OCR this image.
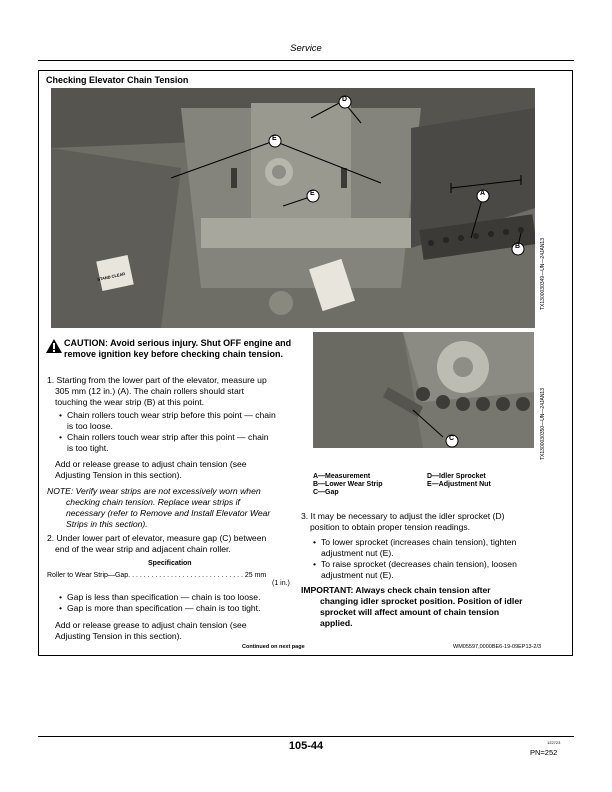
Service
Checking Elevator Chain Tension
D
E
E	A
B
STAND CLEAR	TX1300030349—UN—24JAN13
C	TX1300030350—UN—24JAN13
A—Measurement
B—Lower Wear Strip
C—Gap
D—Idler Sprocket
E—Adjustment Nut
CAUTION: Avoid serious injury. Shut OFF engine and remove ignition key before checking chain tension.
1. Starting from the lower part of the elevator, measure up
305 mm (12 in.) (A). The chain rollers should start
touching the wear strip (B) at this point.
• Chain rollers touch wear strip before this point — chain
is too loose.
• Chain rollers touch wear strip after this point — chain
is too tight.
Add or release grease to adjust chain tension (see
Adjusting Tension in this section).
NOTE: Verify wear strips are not excessively worn when
checking chain tension. Replace wear strips if
necessary (refer to Remove and Install Elevator Wear
Strips in this section).
2. Under lower part of elevator, measure gap (C) between
end of the wear strip and adjacent chain roller.
Specification
Roller to Wear Strip—Gap. . . . . . . . . . . . . . . . . . . . . . . . . . . . . . 25 mm
(1 in.)
• Gap is less than specification — chain is too loose.
• Gap is more than specification — chain is too tight.
Add or release grease to adjust chain tension (see
Adjusting Tension in this section).
3. It may be necessary to adjust the idler sprocket (D)
position to obtain proper tension readings.
• To lower sprocket (increases chain tension), tighten
adjustment nut (E).
• To raise sprocket (decreases chain tension), loosen
adjustment nut (E).
IMPORTANT: Always check chain tension after
changing idler sprocket position. Position of idler
sprocket will affect amount of chain tension
applied.
Continued on next page	WM05597,0000BE6-19-09EP13-2/3
105-44	122723
PN=252
